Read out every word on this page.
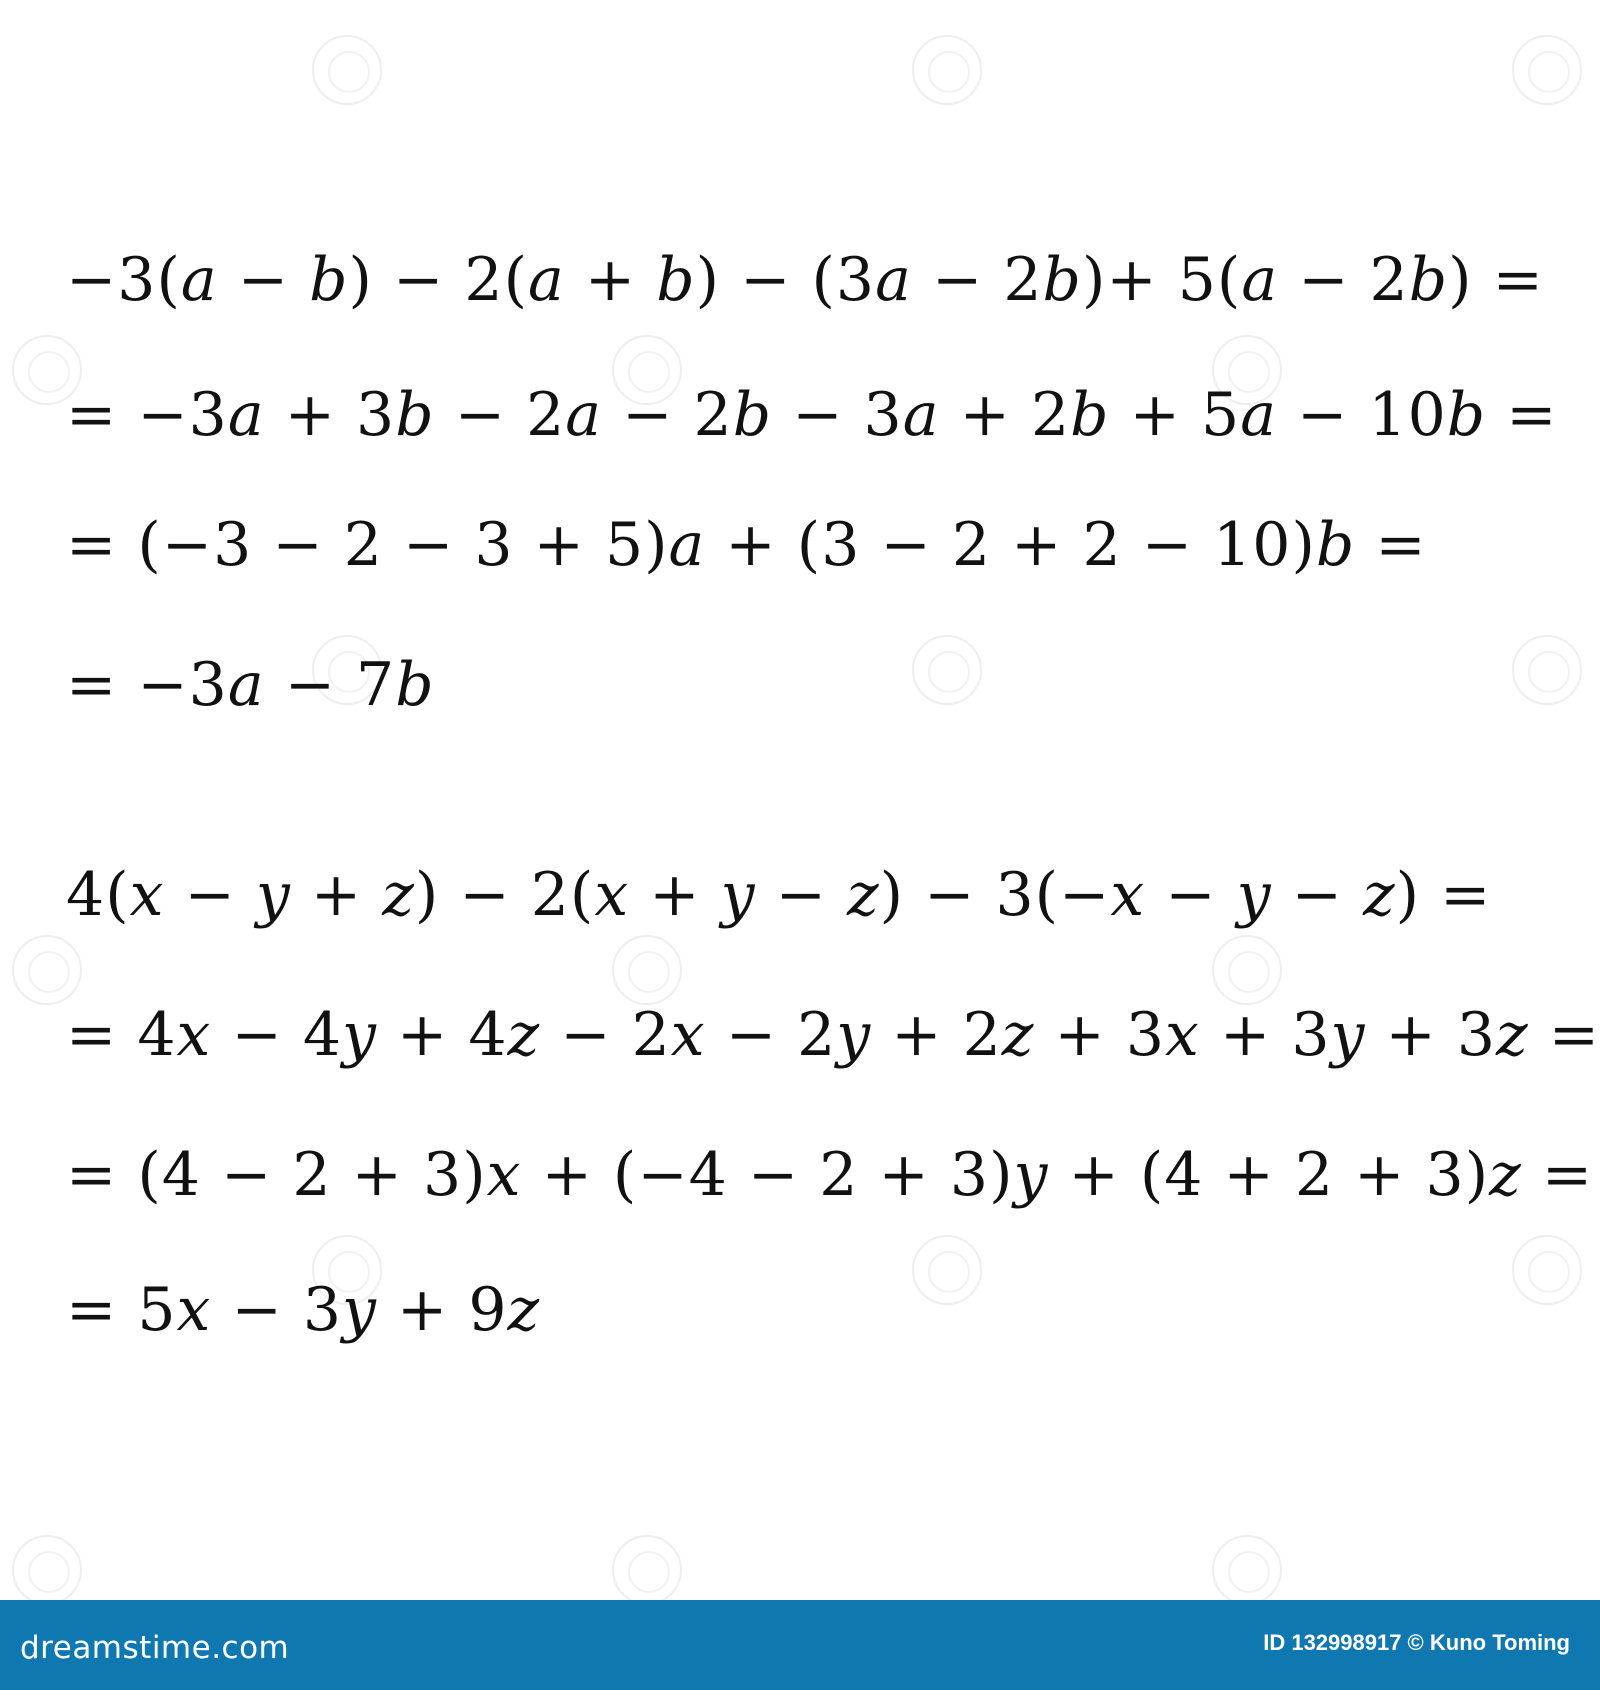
−3(a − b) − 2(a + b) − (3a − 2b)+ 5(a − 2b) =
= −3a + 3b − 2a − 2b − 3a + 2b + 5a − 10b =
= (−3 − 2 − 3 + 5)a + (3 − 2 + 2 − 10)b =
= −3a − 7b
4(x − y + z) − 2(x + y − z) − 3(−x − y − z) =
= 4x − 4y + 4z − 2x − 2y + 2z + 3x + 3y + 3z =
= (4 − 2 + 3)x + (−4 − 2 + 3)y + (4 + 2 + 3)z =
= 5x − 3y + 9z
dreamstime.com	ID 132998917 © Kuno Toming
